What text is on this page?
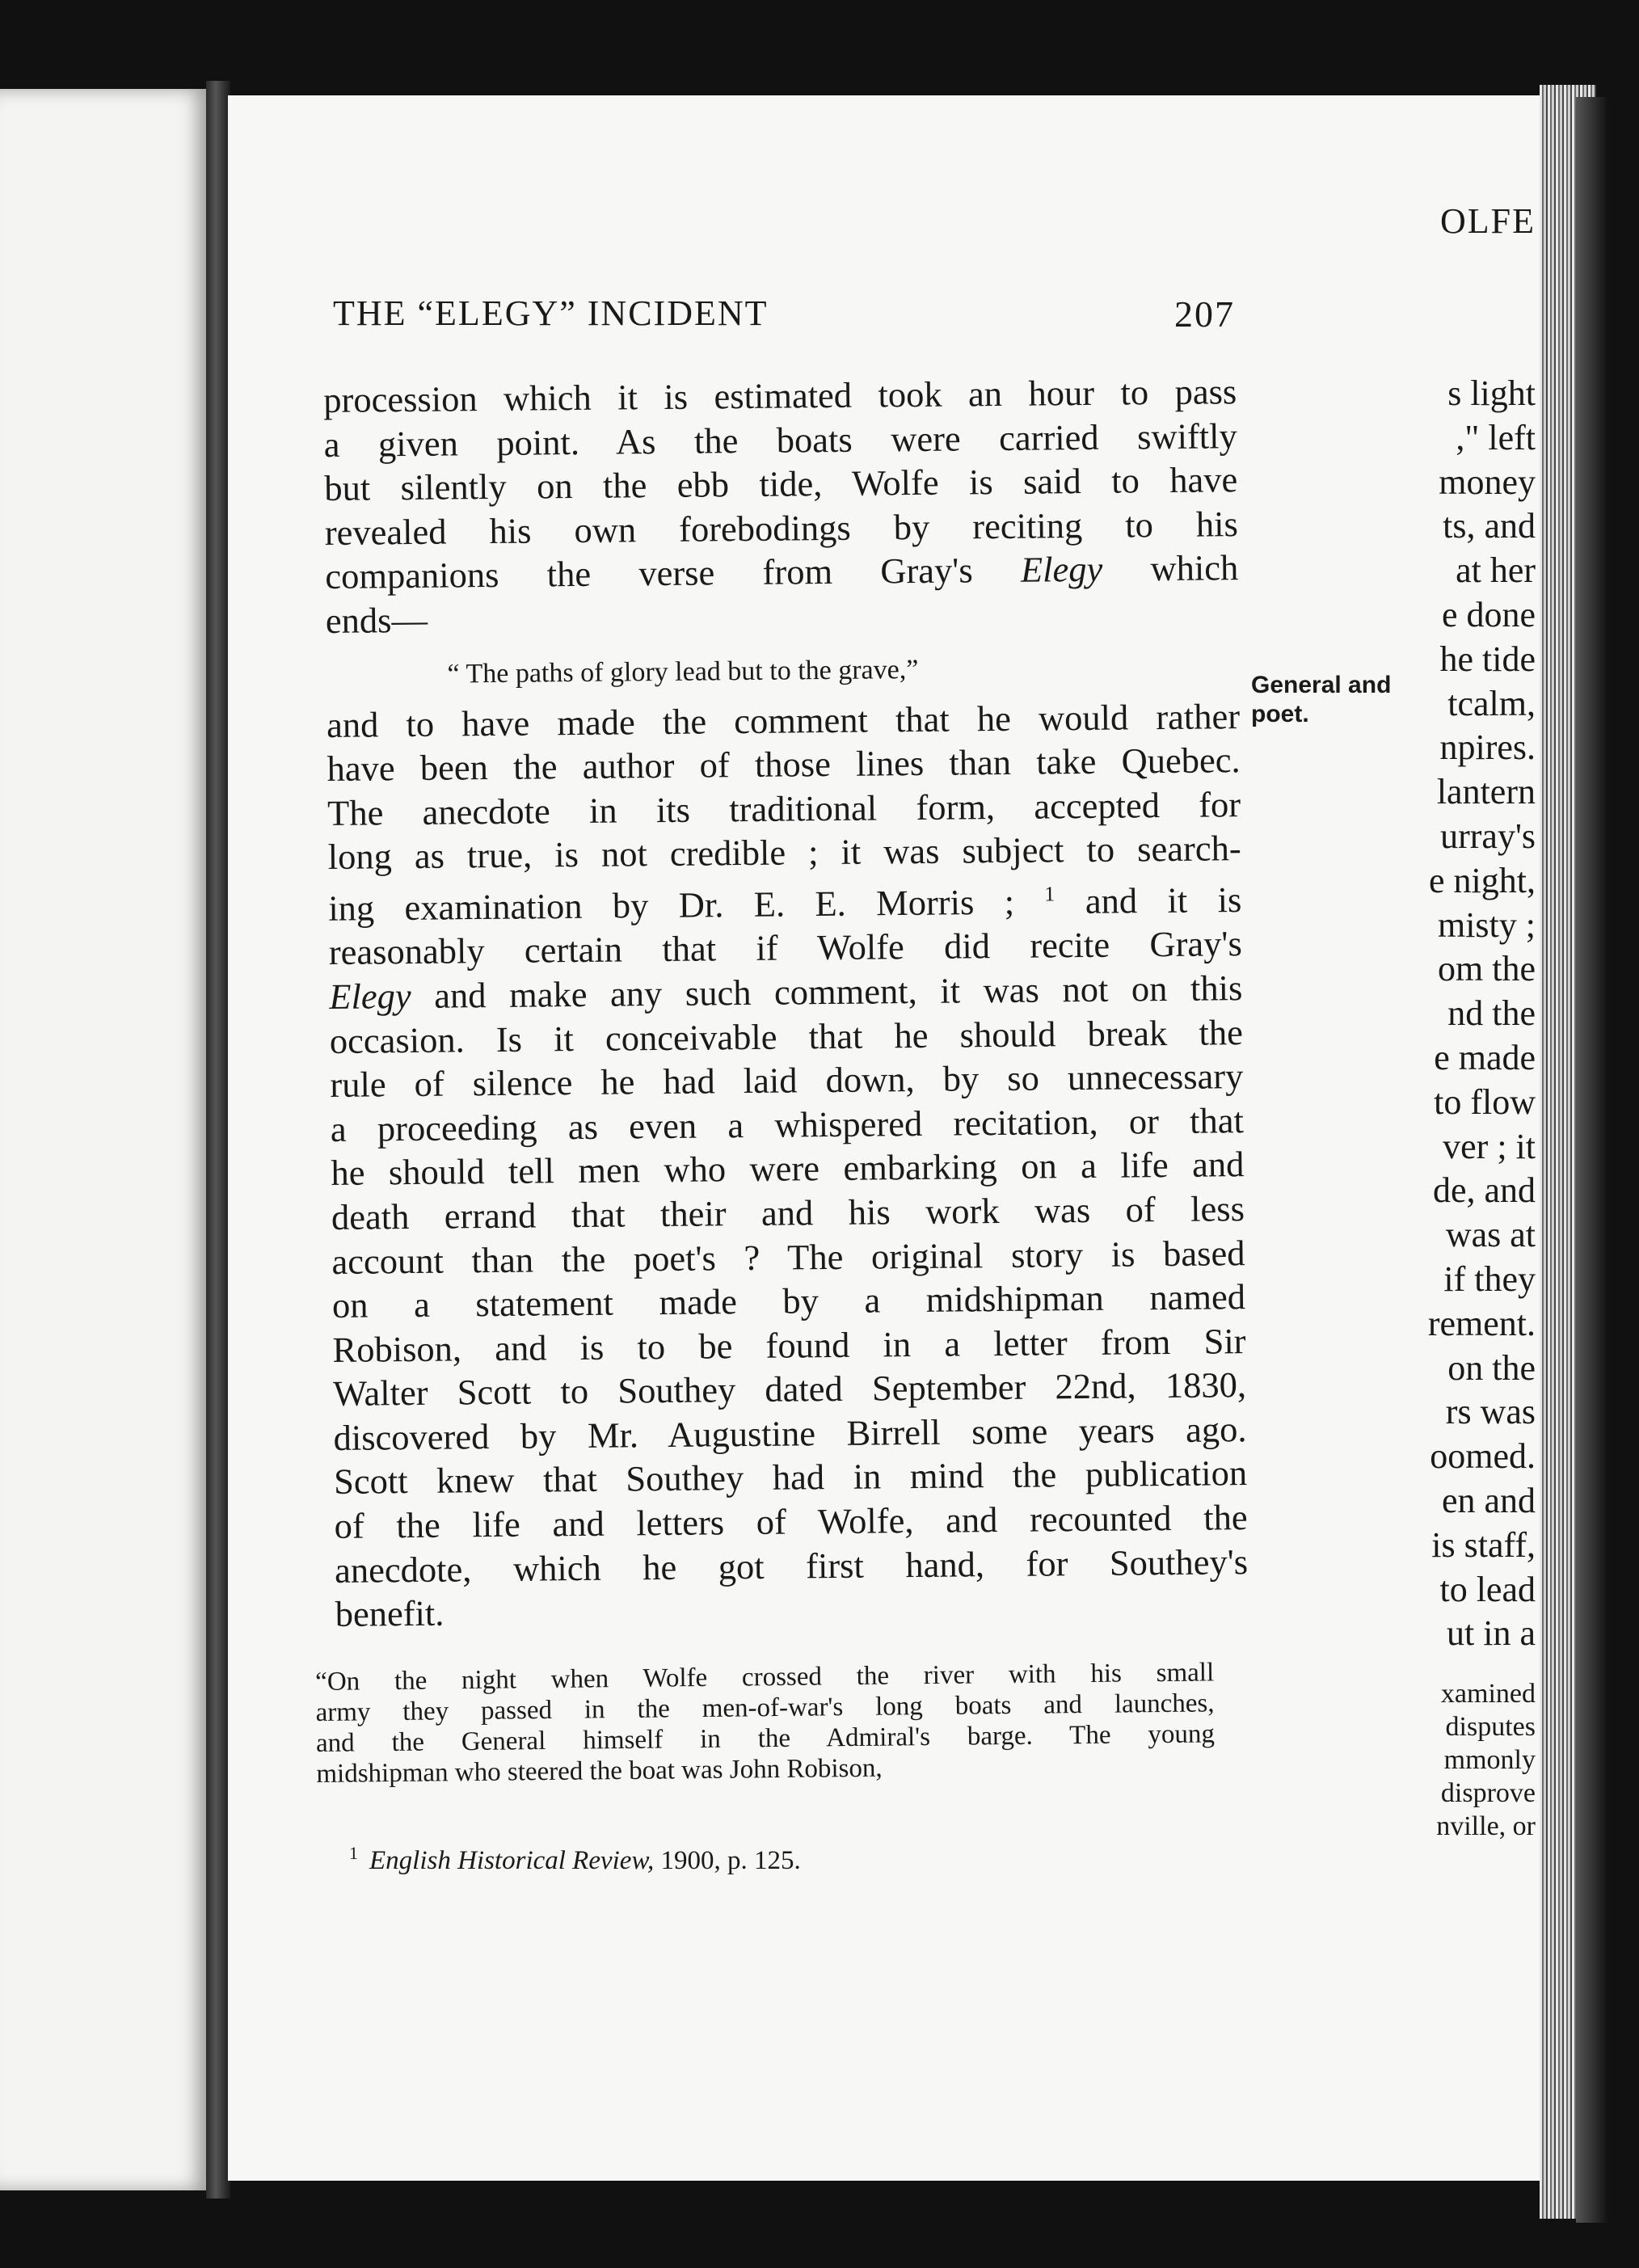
OLFE
s light
," left
money
ts, and
at her
e done
he tide
tcalm,
npires.
lantern
urray's
e night,
misty ;
om the
nd the
e made
to flow
ver ; it
de, and
was at
if they
rement.
on the
rs was
oomed.
en and
is staff,
to lead
ut in a
xamined
disputes
mmonly
disprove
nville, or
THE “ELEGY” INCIDENT	207
procession which it is estimated took an hour to pass
a given point. As the boats were carried swiftly
but silently on the ebb tide, Wolfe is said to have
revealed his own forebodings by reciting to his
companions the verse from Gray's Elegy which
ends—
“ The paths of glory lead but to the grave,”
and to have made the comment that he would rather
have been the author of those lines than take Quebec.
The anecdote in its traditional form, accepted for
long as true, is not credible ; it was subject to search-
ing examination by Dr. E. E. Morris ; $^1$ and it is
reasonably certain that if Wolfe did recite Gray's
Elegy and make any such comment, it was not on this
occasion. Is it conceivable that he should break the
rule of silence he had laid down, by so unnecessary
a proceeding as even a whispered recitation, or that
he should tell men who were embarking on a life and
death errand that their and his work was of less
account than the poet's ? The original story is based
on a statement made by a midshipman named
Robison, and is to be found in a letter from Sir
Walter Scott to Southey dated September 22nd, 1830,
discovered by Mr. Augustine Birrell some years ago.
Scott knew that Southey had in mind the publication
of the life and letters of Wolfe, and recounted the
anecdote, which he got first hand, for Southey's
benefit.
General and
poet.
“On the night when Wolfe crossed the river with his small
army they passed in the men-of-war's long boats and launches,
and the General himself in the Admiral's barge. The young
midshipman who steered the boat was John Robison,
$^1$ English Historical Review, 1900, p. 125.
